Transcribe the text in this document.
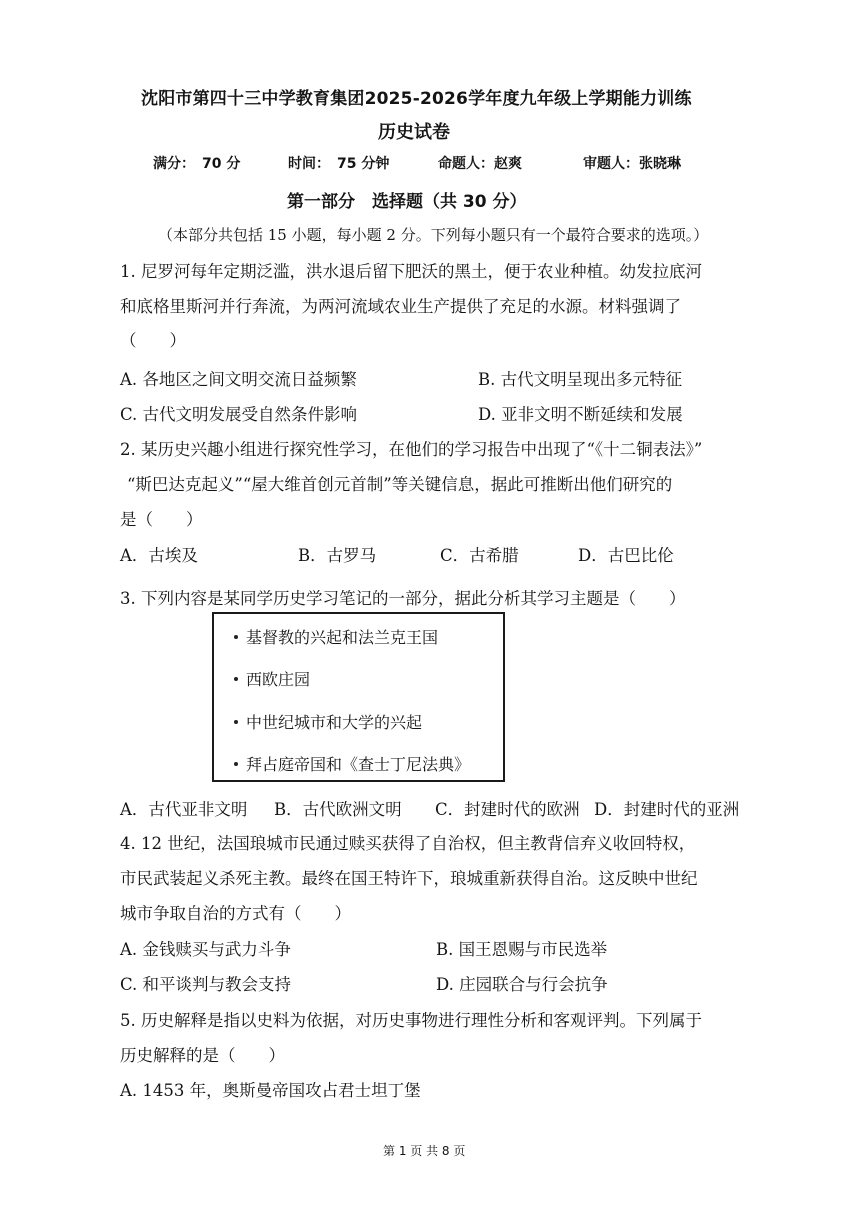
沈阳市第四十三中学教育集团2025-2026学年度九年级上学期能力训练
历史试卷
满分：　70 分	时间：　75 分钟	命题人：赵爽	审题人：张晓琳
第一部分　选择题（共 30 分）
（本部分共包括 15 小题，每小题 2 分。下列每小题只有一个最符合要求的选项。）
1. 尼罗河每年定期泛滥，洪水退后留下肥沃的黑土，便于农业种植。幼发拉底河
和底格里斯河并行奔流，为两河流域农业生产提供了充足的水源。材料强调了
（　　）
A. 各地区之间文明交流日益频繁	B. 古代文明呈现出多元特征
C. 古代文明发展受自然条件影响	D. 亚非文明不断延续和发展
2. 某历史兴趣小组进行探究性学习，在他们的学习报告中出现了“《十二铜表法》”
“斯巴达克起义”“屋大维首创元首制”等关键信息，据此可推断出他们研究的
是（　　）
A．古埃及	B．古罗马	C．古希腊	D．古巴比伦
3. 下列内容是某同学历史学习笔记的一部分，据此分析其学习主题是（　　）
基督教的兴起和法兰克王国
西欧庄园
中世纪城市和大学的兴起
拜占庭帝国和《查士丁尼法典》
A．古代亚非文明 B．古代欧洲文明 C．封建时代的欧洲 D．封建时代的亚洲
4. 12 世纪，法国琅城市民通过赎买获得了自治权，但主教背信弃义收回特权，
市民武装起义杀死主教。最终在国王特许下，琅城重新获得自治。这反映中世纪
城市争取自治的方式有（　　）
A. 金钱赎买与武力斗争	B. 国王恩赐与市民选举
C. 和平谈判与教会支持	D. 庄园联合与行会抗争
5. 历史解释是指以史料为依据，对历史事物进行理性分析和客观评判。下列属于
历史解释的是（　　）
A. 1453 年，奥斯曼帝国攻占君士坦丁堡
第 1 页 共 8 页
